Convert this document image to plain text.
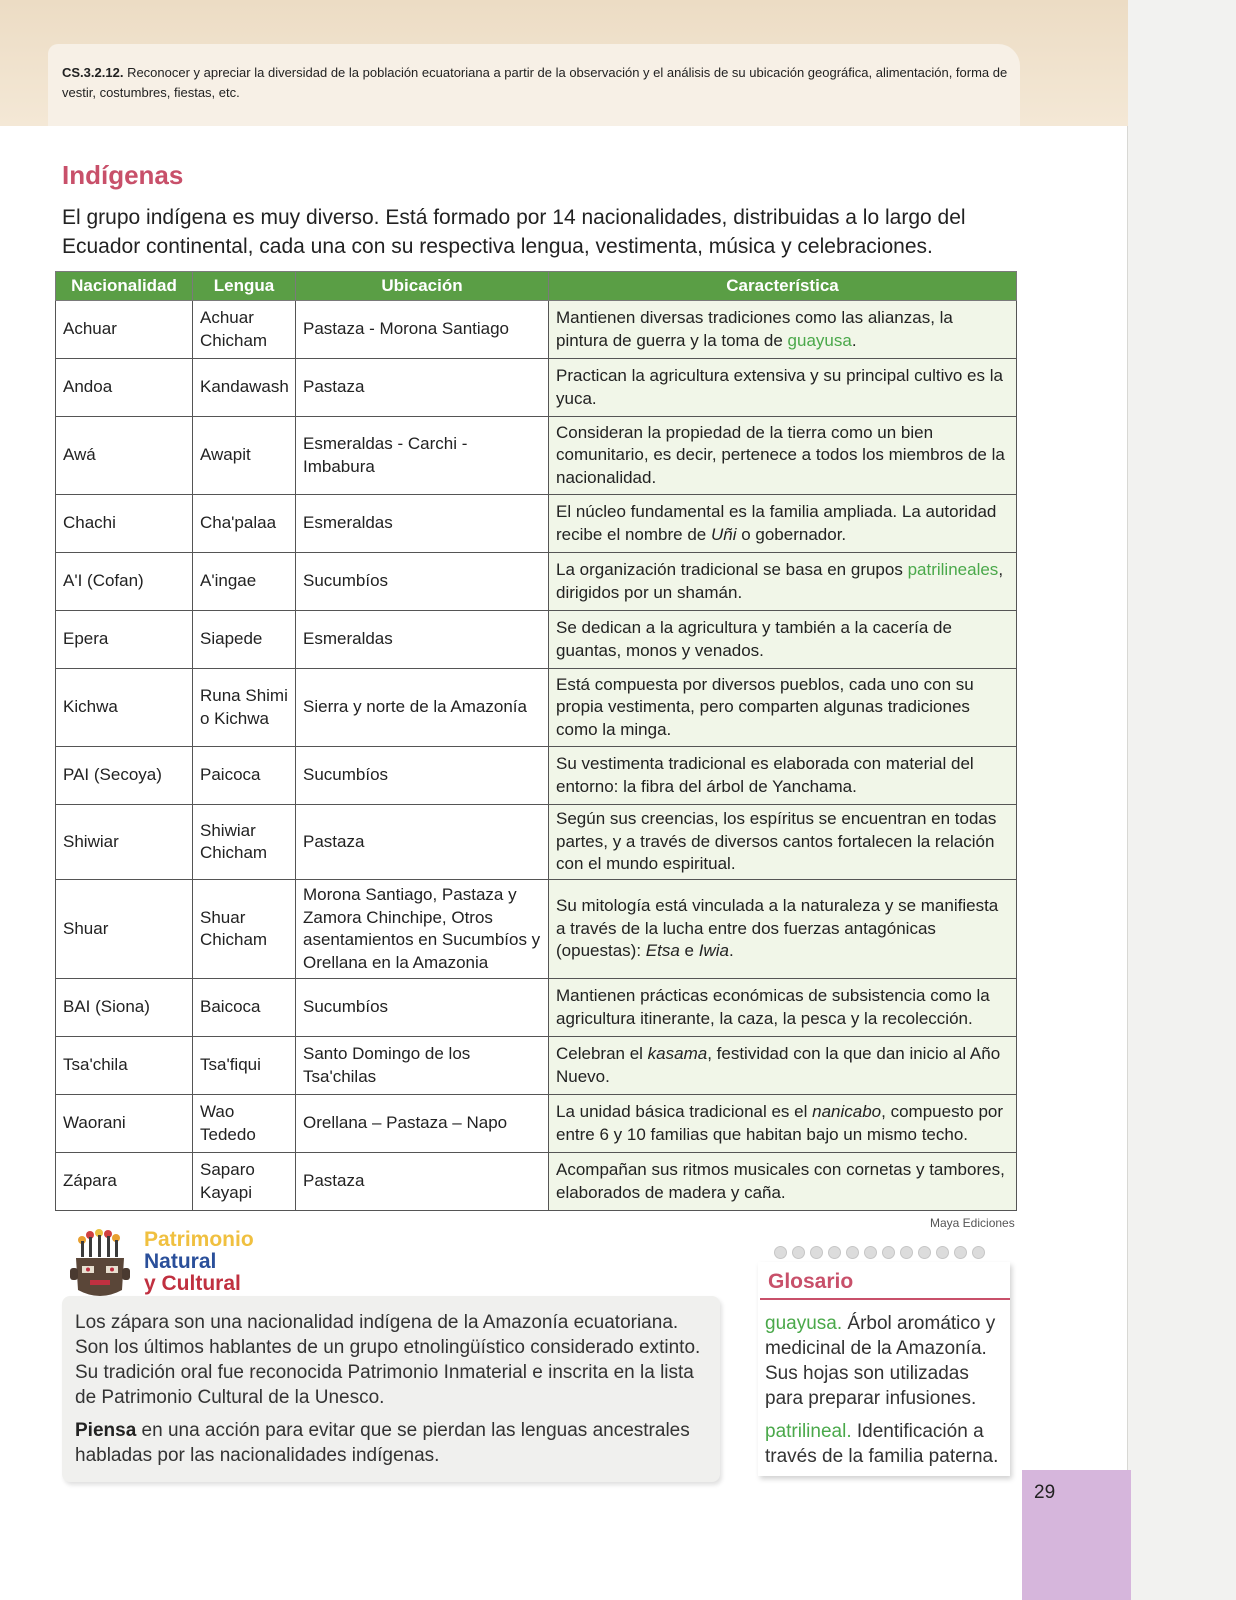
CS.3.2.12. Reconocer y apreciar la diversidad de la población ecuatoriana a partir de la observación y el análisis de su ubicación geográfica, alimentación, forma de vestir, costumbres, fiestas, etc.
Indígenas
El grupo indígena es muy diverso. Está formado por 14 nacionalidades, distribuidas a lo largo del Ecuador continental, cada una con su respectiva lengua, vestimenta, música y celebraciones.
Nacionalidad	Lengua	Ubicación	Característica
Achuar	Achuar Chicham	Pastaza - Morona Santiago	Mantienen diversas tradiciones como las alianzas, la pintura de guerra y la toma de guayusa.
Andoa	Kandawash	Pastaza	Practican la agricultura extensiva y su principal cultivo es la yuca.
Awá	Awapit	Esmeraldas - Carchi - Imbabura	Consideran la propiedad de la tierra como un bien comunitario, es decir, pertenece a todos los miembros de la nacionalidad.
Chachi	Cha'palaa	Esmeraldas	El núcleo fundamental es la familia ampliada. La autoridad recibe el nombre de Uñi o gobernador.
A'I (Cofan)	A'ingae	Sucumbíos	La organización tradicional se basa en grupos patrilineales, dirigidos por un shamán.
Epera	Siapede	Esmeraldas	Se dedican a la agricultura y también a la cacería de guantas, monos y venados.
Kichwa	Runa Shimi o Kichwa	Sierra y norte de la Amazonía	Está compuesta por diversos pueblos, cada uno con su propia vestimenta, pero comparten algunas tradiciones como la minga.
PAI (Secoya)	Paicoca	Sucumbíos	Su vestimenta tradicional es elaborada con material del entorno: la fibra del árbol de Yanchama.
Shiwiar	Shiwiar Chicham	Pastaza	Según sus creencias, los espíritus se encuentran en todas partes, y a través de diversos cantos fortalecen la relación con el mundo espiritual.
Shuar	Shuar Chicham	Morona Santiago, Pastaza y Zamora Chinchipe, Otros asentamientos en Sucumbíos y Orellana en la Amazonia	Su mitología está vinculada a la naturaleza y se manifiesta a través de la lucha entre dos fuerzas antagónicas (opuestas): Etsa e Iwia.
BAI (Siona)	Baicoca	Sucumbíos	Mantienen prácticas económicas de subsistencia como la agricultura itinerante, la caza, la pesca y la recolección.
Tsa'chila	Tsa'fiqui	Santo Domingo de los Tsa'chilas	Celebran el kasama, festividad con la que dan inicio al Año Nuevo.
Waorani	Wao Tededo	Orellana – Pastaza – Napo	La unidad básica tradicional es el nanicabo, compuesto por entre 6 y 10 familias que habitan bajo un mismo techo.
Zápara	Saparo Kayapi	Pastaza	Acompañan sus ritmos musicales con cornetas y tambores, elaborados de madera y caña.
Maya Ediciones
Patrimonio
Natural
y Cultural

Los zápara son una nacionalidad indígena de la Amazonía ecuatoriana. Son los últimos hablantes de un grupo etnolingüístico considerado extinto. Su tradición oral fue reconocida Patrimonio Inmaterial e inscrita en la lista de Patrimonio Cultural de la Unesco.

Piensa en una acción para evitar que se pierdan las lenguas ancestrales habladas por las nacionalidades indígenas.

Glosario

guayusa. Árbol aromático y medicinal de la Amazonía. Sus hojas son utilizadas para preparar infusiones.

patrilineal. Identificación a través de la familia paterna.

29
